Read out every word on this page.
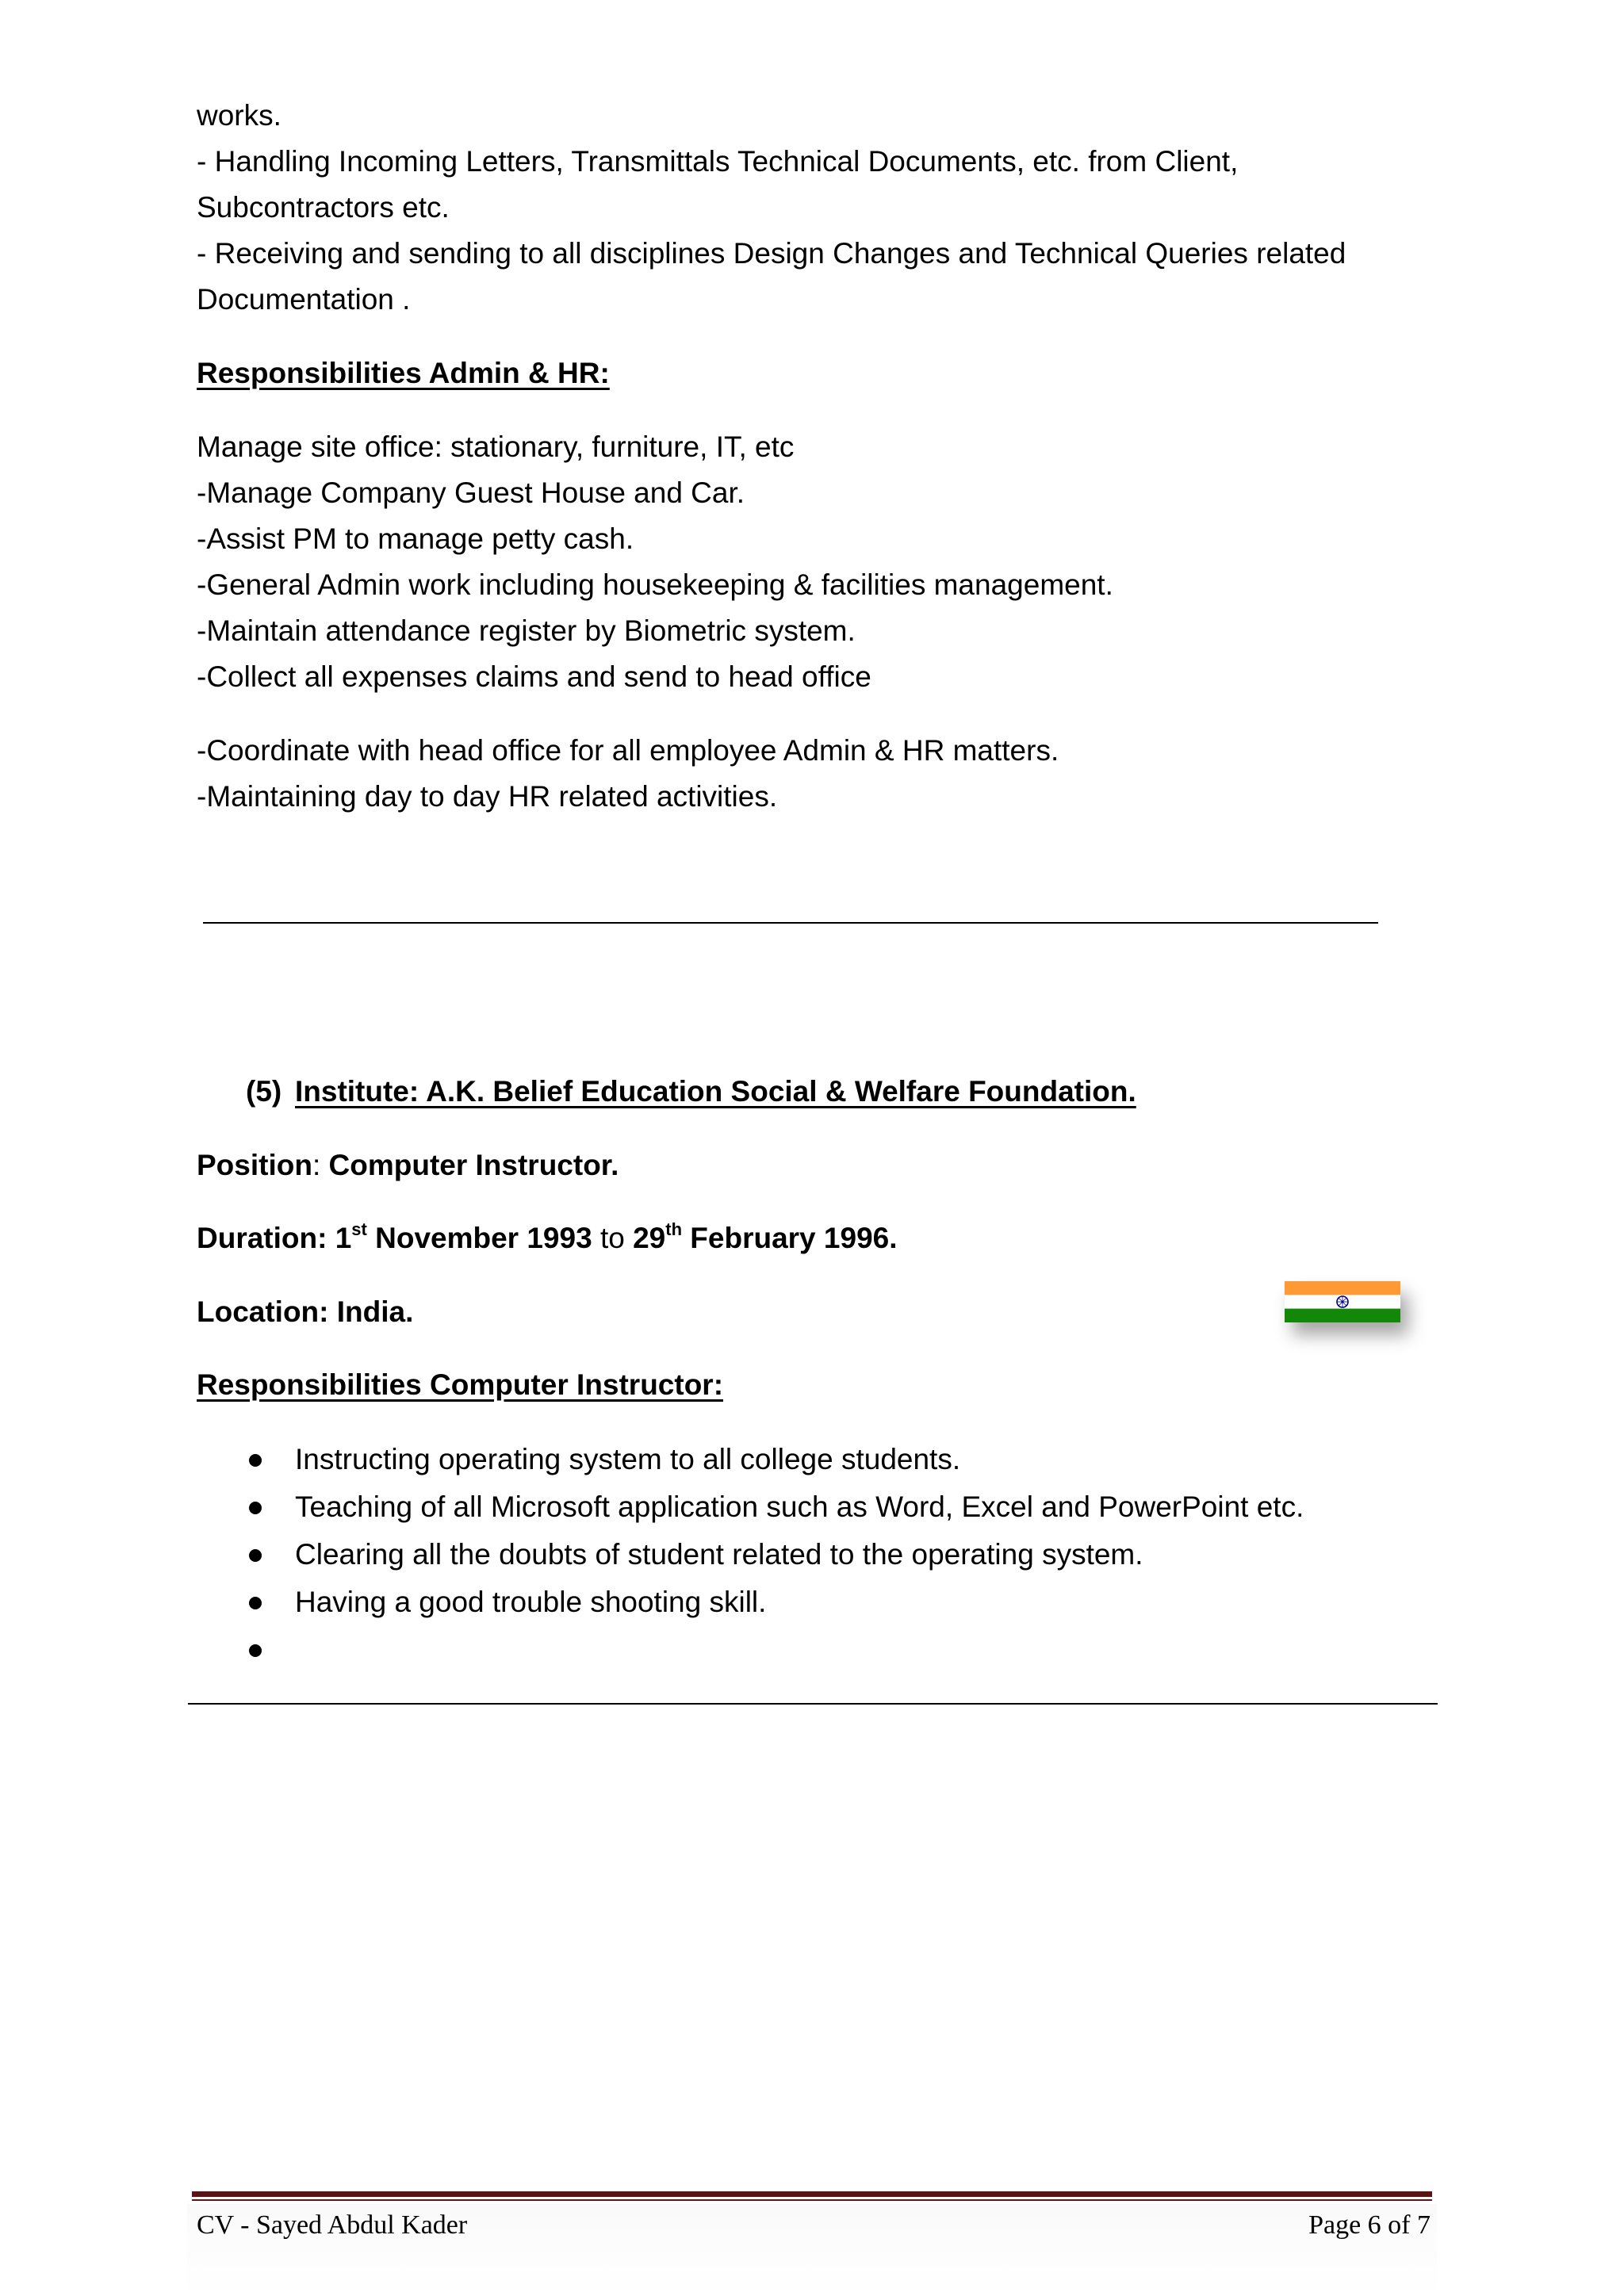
works.
- Handling Incoming Letters, Transmittals Technical Documents, etc. from Client,
Subcontractors etc.
- Receiving and sending to all disciplines Design Changes and Technical Queries related
Documentation .
Responsibilities Admin & HR:
Manage site office: stationary, furniture, IT, etc
-Manage Company Guest House and Car.
-Assist PM to manage petty cash.
-General Admin work including housekeeping & facilities management.
-Maintain attendance register by Biometric system.
-Collect all expenses claims and send to head office
-Coordinate with head office for all employee Admin & HR matters.
-Maintaining day to day HR related activities.
(5) Institute: A.K. Belief Education Social & Welfare Foundation.
Position: Computer Instructor.
Duration: 1st November 1993 to 29th February 1996.
Location: India.
Responsibilities Computer Instructor:
Instructing operating system to all college students.
Teaching of all Microsoft application such as Word, Excel and PowerPoint etc.
Clearing all the doubts of student related to the operating system.
Having a good trouble shooting skill.
CV - Sayed Abdul Kader	Page 6 of 7
